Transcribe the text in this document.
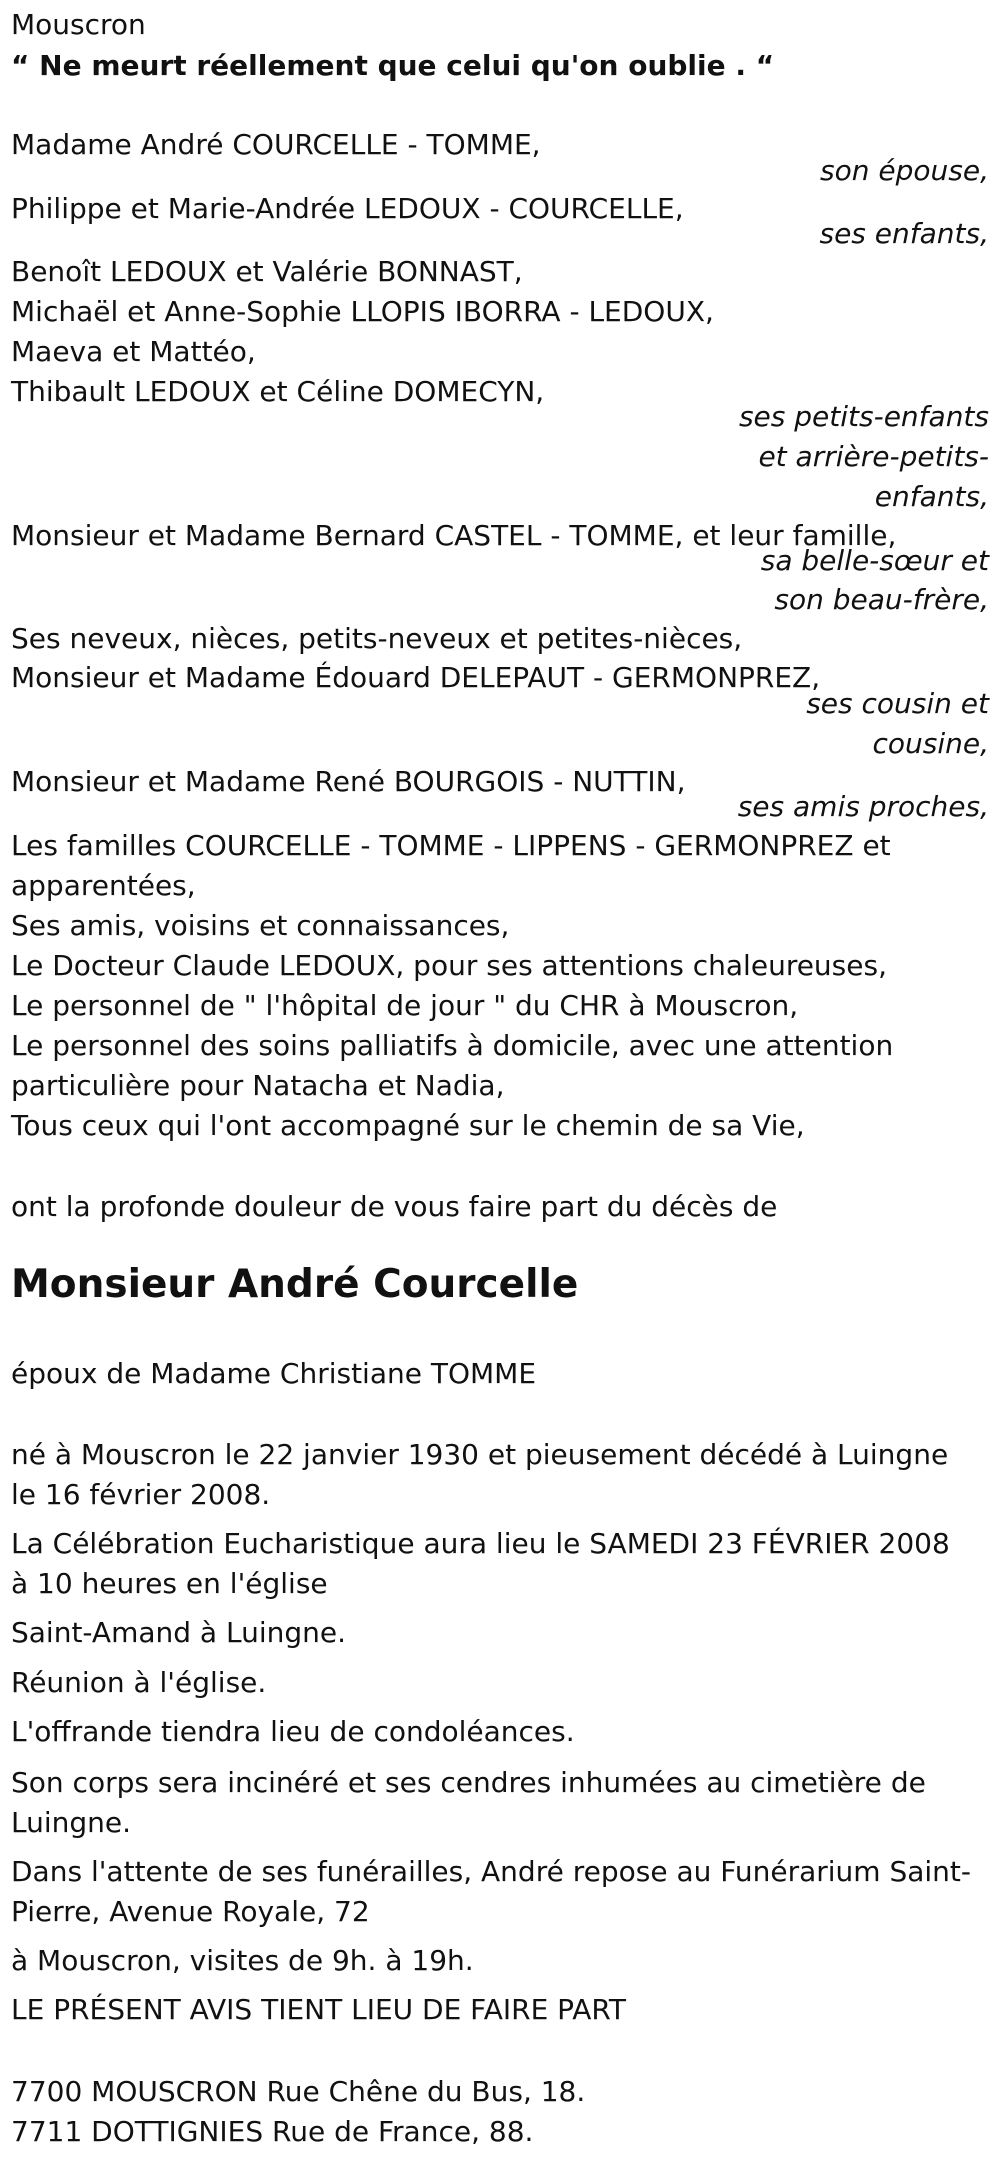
Mouscron
“ Ne meurt réellement que celui qu'on oublie . “
Madame André COURCELLE - TOMME,
son épouse,
Philippe et Marie-Andrée LEDOUX - COURCELLE,
ses enfants,
Benoît LEDOUX et Valérie BONNAST,
Michaël et Anne-Sophie LLOPIS IBORRA - LEDOUX,
Maeva et Mattéo,
Thibault LEDOUX et Céline DOMECYN,
ses petits-enfants
et arrière-petits-
enfants,
Monsieur et Madame Bernard CASTEL - TOMME, et leur famille,
sa belle-sœur et
son beau-frère,
Ses neveux, nièces, petits-neveux et petites-nièces,
Monsieur et Madame Édouard DELEPAUT - GERMONPREZ,
ses cousin et
cousine,
Monsieur et Madame René BOURGOIS - NUTTIN,
ses amis proches,
Les familles COURCELLE - TOMME - LIPPENS - GERMONPREZ et
apparentées,
Ses amis, voisins et connaissances,
Le Docteur Claude LEDOUX, pour ses attentions chaleureuses,
Le personnel de " l'hôpital de jour " du CHR à Mouscron,
Le personnel des soins palliatifs à domicile, avec une attention
particulière pour Natacha et Nadia,
Tous ceux qui l'ont accompagné sur le chemin de sa Vie,
ont la profonde douleur de vous faire part du décès de
Monsieur André Courcelle
époux de Madame Christiane TOMME
né à Mouscron le 22 janvier 1930 et pieusement décédé à Luingne le 16 février 2008.
La Célébration Eucharistique aura lieu le SAMEDI 23 FÉVRIER 2008 à 10 heures en l'église
Saint-Amand à Luingne.
Réunion à l'église.
L'offrande tiendra lieu de condoléances.
Son corps sera incinéré et ses cendres inhumées au cimetière de Luingne.
Dans l'attente de ses funérailles, André repose au Funérarium Saint-Pierre, Avenue Royale, 72
à Mouscron, visites de 9h. à 19h.
LE PRÉSENT AVIS TIENT LIEU DE FAIRE PART
7700 MOUSCRON Rue Chêne du Bus, 18.
7711 DOTTIGNIES Rue de France, 88.
